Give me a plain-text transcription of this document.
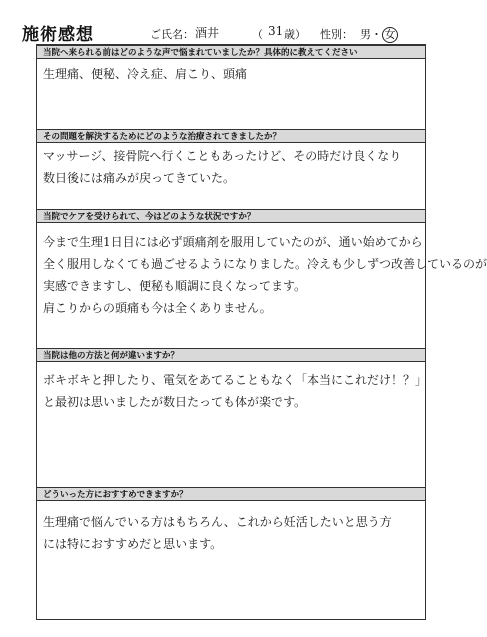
施術感想	ご氏名： 酒井	（ 31 歳） 性別： 男・ 女
当院へ来られる前はどのような声で悩まれていましたか？具体的に教えてください
生理痛、便秘、冷え症、肩こり、頭痛
その問題を解決するためにどのような治療されてきましたか？
マッサージ、接骨院へ行くこともあったけど、その時だけ良くなり
数日後には痛みが戻ってきていた。
当院でケアを受けられて、今はどのような状況ですか？
今まで生理1日目には必ず頭痛剤を服用していたのが、通い始めてから
全く服用しなくても過ごせるようになりました。冷えも少しずつ改善しているのが
実感できますし、便秘も順調に良くなってます。
肩こりからの頭痛も今は全くありません。
当院は他の方法と何が違いますか？
ボキボキと押したり、電気をあてることもなく「本当にこれだけ！？」
と最初は思いましたが数日たっても体が楽です。
どういった方におすすめできますか？
生理痛で悩んでいる方はもちろん、これから妊活したいと思う方
には特におすすめだと思います。
